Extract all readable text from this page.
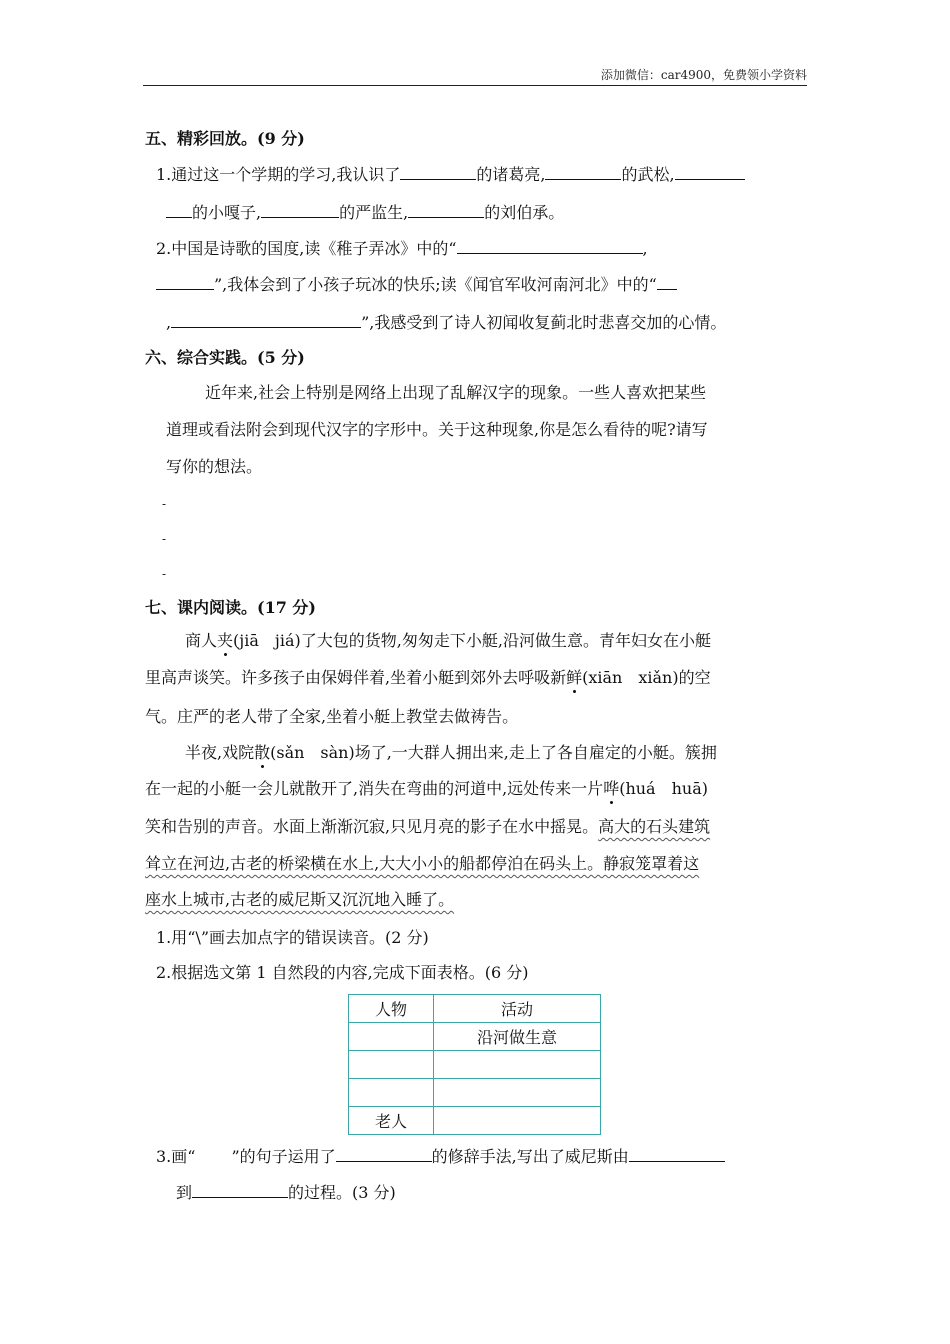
添加微信：car4900，免费领小学资料
五、精彩回放。(9 分)
1.通过这一个学期的学习,我认识了	的诸葛亮,	的武松,
的小嘎子,	的严监生,	的刘伯承。
2.中国是诗歌的国度,读《稚子弄冰》中的“	,
”,我体会到了小孩子玩冰的快乐;读《闻官军收河南河北》中的“
,	”,我感受到了诗人初闻收复蓟北时悲喜交加的心情。
六、综合实践。(5 分)
近年来,社会上特别是网络上出现了乱解汉字的现象。一些人喜欢把某些
道理或看法附会到现代汉字的字形中。关于这种现象,你是怎么看待的呢?请写
写你的想法。
-
-
-
七、课内阅读。(17 分)
商人夹(jiā　jiá)了大包的货物,匆匆走下小艇,沿河做生意。青年妇女在小艇
里高声谈笑。许多孩子由保姆伴着,坐着小艇到郊外去呼吸新鲜(xiān　xiǎn)的空
气。庄严的老人带了全家,坐着小艇上教堂去做祷告。
半夜,戏院散(sǎn　sàn)场了,一大群人拥出来,走上了各自雇定的小艇。簇拥
在一起的小艇一会儿就散开了,消失在弯曲的河道中,远处传来一片哗(huá　huā)
笑和告别的声音。水面上渐渐沉寂,只见月亮的影子在水中摇晃。高大的石头建筑
耸立在河边,古老的桥梁横在水上,大大小小的船都停泊在码头上。静寂笼罩着这
座水上城市,古老的威尼斯又沉沉地入睡了。
1.用“\”画去加点字的错误读音。(2 分)
2.根据选文第 1 自然段的内容,完成下面表格。(6 分)
人物	活动
	沿河做生意

老人	
3.画“ ”的句子运用了	的修辞手法,写出了威尼斯由
到	的过程。(3 分)
